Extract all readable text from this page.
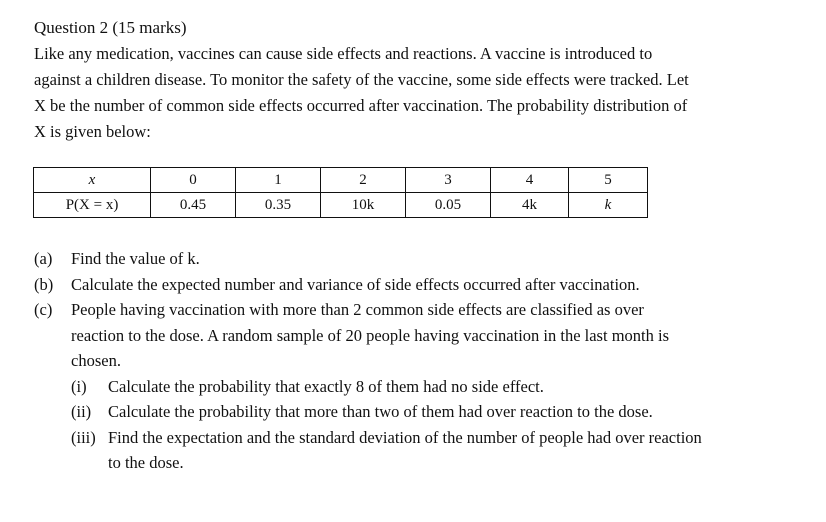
Question 2 (15 marks)
Like any medication, vaccines can cause side effects and reactions. A vaccine is introduced to
against a children disease. To monitor the safety of the vaccine, some side effects were tracked. Let
X be the number of common side effects occurred after vaccination. The probability distribution of
X is given below:
x	0	1	2	3	4	5
P(X = x)	0.45	0.35	10k	0.05	4k	k
(a) Find the value of k.
(b) Calculate the expected number and variance of side effects occurred after vaccination.
(c) People having vaccination with more than 2 common side effects are classified as over
reaction to the dose. A random sample of 20 people having vaccination in the last month is
chosen.
(i) Calculate the probability that exactly 8 of them had no side effect.
(ii) Calculate the probability that more than two of them had over reaction to the dose.
(iii) Find the expectation and the standard deviation of the number of people had over reaction
to the dose.
